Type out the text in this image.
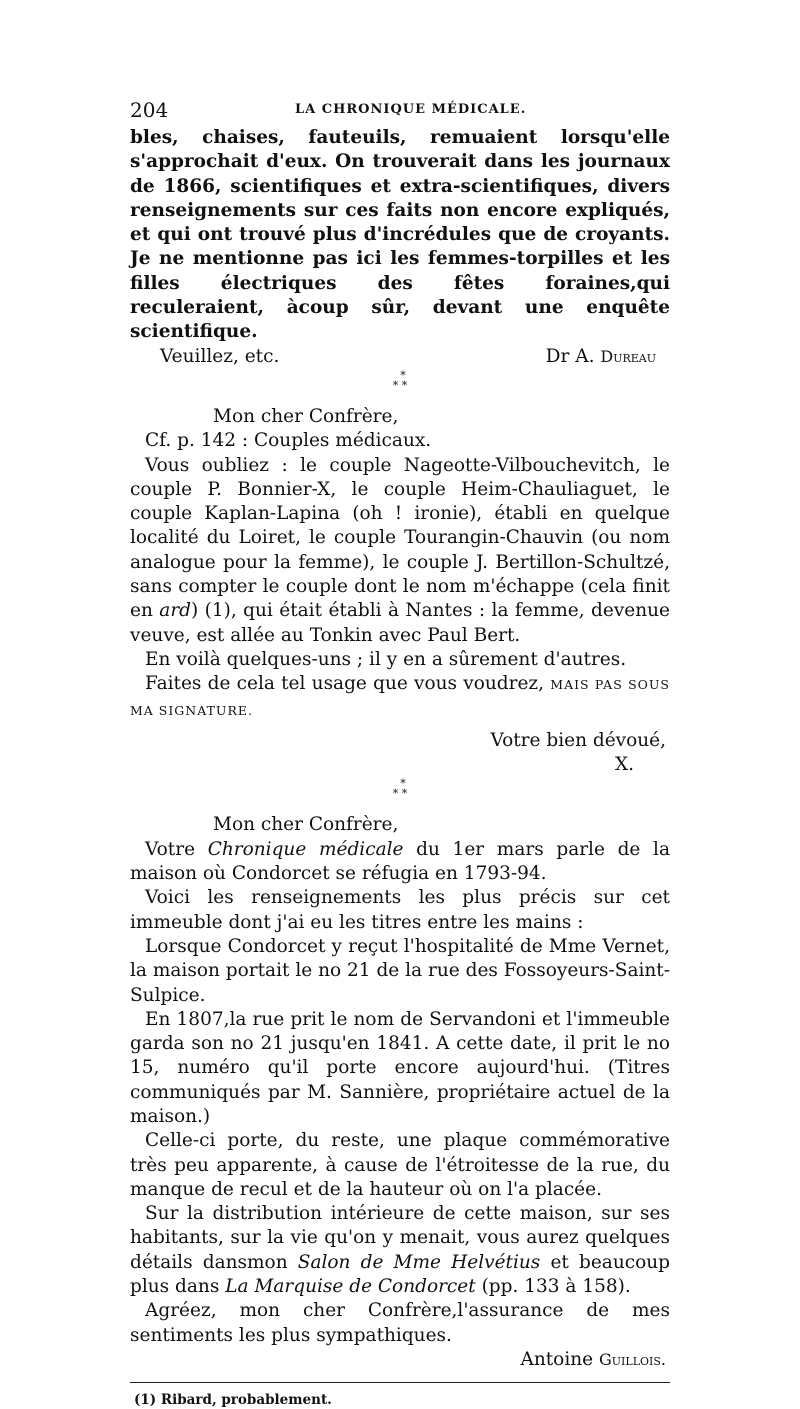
204	LA CHRONIQUE MÉDICALE.

bles, chaises, fauteuils, remuaient lorsqu'elle s'approchait d'eux. On trouverait dans les journaux de 1866, scientifiques et extra-scientifiques, divers renseignements sur ces faits non encore expliqués, et qui ont trouvé plus d'incrédules que de croyants. Je ne mentionne pas ici les femmes-torpilles et les filles électriques des fêtes foraines,qui reculeraient, àcoup sûr, devant une enquête scientifique.

Veuillez, etc.	Dr A. Dureau
*
* *
Mon cher Confrère,

Cf. p. 142 : Couples médicaux.

Vous oubliez : le couple Nageotte-Vilbouchevitch, le couple P. Bonnier-X, le couple Heim-Chauliaguet, le couple Kaplan-Lapina (oh ! ironie), établi en quelque localité du Loiret, le couple Tourangin-Chauvin (ou nom analogue pour la femme), le couple J. Bertillon-Schultzé, sans compter le couple dont le nom m'échappe (cela finit en ard) (1), qui était établi à Nantes : la femme, devenue veuve, est allée au Tonkin avec Paul Bert.

En voilà quelques-uns ; il y en a sûrement d'autres.

Faites de cela tel usage que vous voudrez, MAIS PAS SOUS MA SIGNATURE.

Votre bien dévoué,
X.
*
* *
Mon cher Confrère,

Votre Chronique médicale du 1er mars parle de la maison où Condorcet se réfugia en 1793-94.

Voici les renseignements les plus précis sur cet immeuble dont j'ai eu les titres entre les mains :

Lorsque Condorcet y reçut l'hospitalité de Mme Vernet, la maison portait le no 21 de la rue des Fossoyeurs-Saint-Sulpice.

En 1807,la rue prit le nom de Servandoni et l'immeuble garda son no 21 jusqu'en 1841. A cette date, il prit le no 15, numéro qu'il porte encore aujourd'hui. (Titres communiqués par M. Sannière, propriétaire actuel de la maison.)

Celle-ci porte, du reste, une plaque commémorative très peu apparente, à cause de l'étroitesse de la rue, du manque de recul et de la hauteur où on l'a placée.

Sur la distribution intérieure de cette maison, sur ses habitants, sur la vie qu'on y menait, vous aurez quelques détails dansmon Salon de Mme Helvétius et beaucoup plus dans La Marquise de Condorcet (pp. 133 à 158).

Agréez, mon cher Confrère,l'assurance de mes sentiments les plus sympathiques.

Antoine Guillois.
(1) Ribard, probablement.
